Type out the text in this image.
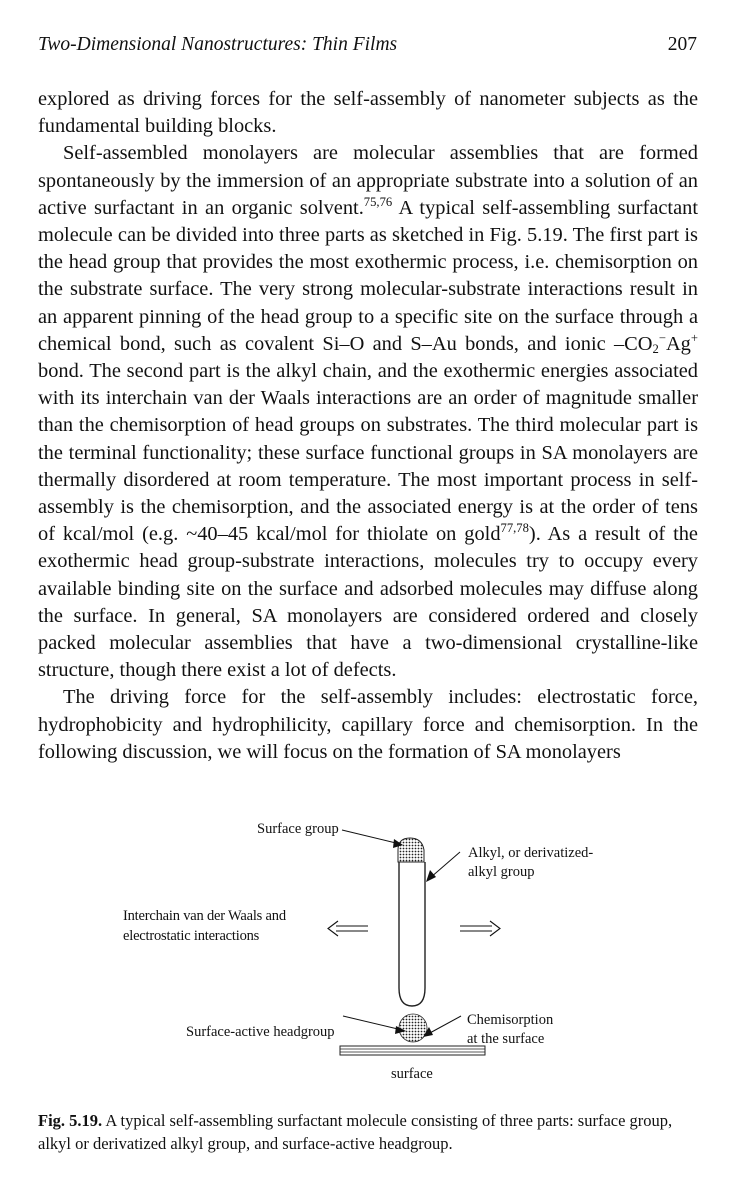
Two-Dimensional Nanostructures: Thin Films	207

explored as driving forces for the self-assembly of nanometer subjects as the fundamental building blocks.

Self-assembled monolayers are molecular assemblies that are formed spontaneously by the immersion of an appropriate substrate into a solution of an active surfactant in an organic solvent.$^{75,76}$ A typical self-assembling surfactant molecule can be divided into three parts as sketched in Fig. 5.19. The first part is the head group that provides the most exothermic process, i.e. chemisorption on the substrate surface. The very strong molecular-substrate interactions result in an apparent pinning of the head group to a specific site on the surface through a chemical bond, such as covalent Si–O and S–Au bonds, and ionic $-CO_2^-Ag^+$ bond. The second part is the alkyl chain, and the exothermic energies associated with its interchain van der Waals interactions are an order of magnitude smaller than the chemisorption of head groups on substrates. The third molecular part is the terminal functionality; these surface functional groups in SA monolayers are thermally disordered at room temperature. The most important process in self-assembly is the chemisorption, and the associated energy is at the order of tens of kcal/mol (e.g. ~40–45 kcal/mol for thiolate on gold$^{77,78}$). As a result of the exothermic head group-substrate interactions, molecules try to occupy every available binding site on the surface and adsorbed molecules may diffuse along the surface. In general, SA monolayers are considered ordered and closely packed molecular assemblies that have a two-dimensional crystalline-like structure, though there exist a lot of defects.

The driving force for the self-assembly includes: electrostatic force, hydrophobicity and hydrophilicity, capillary force and chemisorption. In the following discussion, we will focus on the formation of SA monolayers

Surface group
Alkyl, or derivatized-
alkyl group
Interchain van der Waals and
electrostatic interactions
Surface-active headgroup
Chemisorption
at the surface
surface
Fig. 5.19. A typical self-assembling surfactant molecule consisting of three parts: surface group, alkyl or derivatized alkyl group, and surface-active headgroup.
